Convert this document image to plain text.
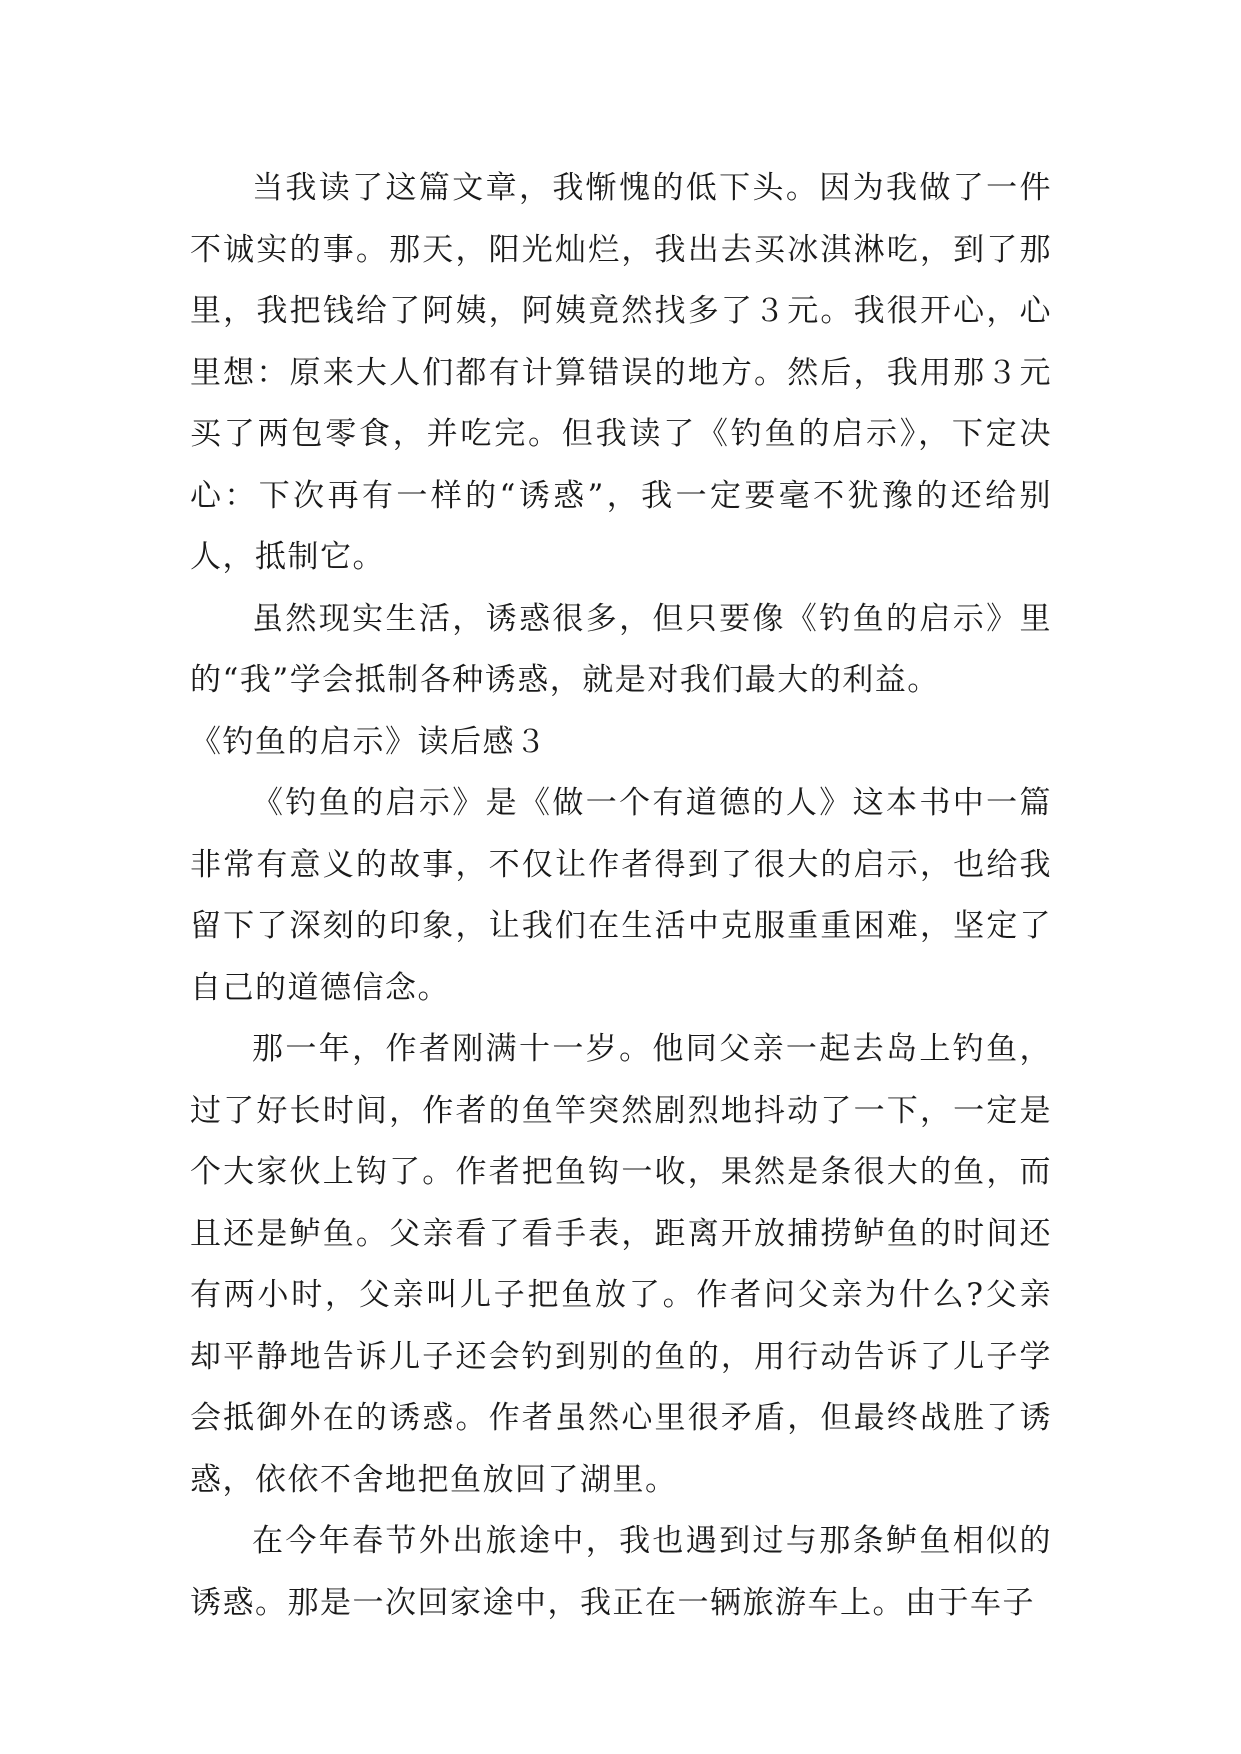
当我读了这篇文章，我惭愧的低下头。因为我做了一件不诚实的事。那天，阳光灿烂，我出去买冰淇淋吃，到了那里，我把钱给了阿姨，阿姨竟然找多了３元。我很开心，心里想：原来大人们都有计算错误的地方。然后，我用那３元买了两包零食，并吃完。但我读了《钓鱼的启示》，下定决心：下次再有一样的“诱惑”，我一定要毫不犹豫的还给别人，抵制它。

虽然现实生活，诱惑很多，但只要像《钓鱼的启示》里的“我”学会抵制各种诱惑，就是对我们最大的利益。

《钓鱼的启示》读后感３

《钓鱼的启示》是《做一个有道德的人》这本书中一篇非常有意义的故事，不仅让作者得到了很大的启示，也给我留下了深刻的印象，让我们在生活中克服重重困难，坚定了自己的道德信念。

那一年，作者刚满十一岁。他同父亲一起去岛上钓鱼，过了好长时间，作者的鱼竿突然剧烈地抖动了一下，一定是个大家伙上钩了。作者把鱼钩一收，果然是条很大的鱼，而且还是鲈鱼。父亲看了看手表，距离开放捕捞鲈鱼的时间还有两小时，父亲叫儿子把鱼放了。作者问父亲为什么?父亲却平静地告诉儿子还会钓到别的鱼的，用行动告诉了儿子学会抵御外在的诱惑。作者虽然心里很矛盾，但最终战胜了诱惑，依依不舍地把鱼放回了湖里。

在今年春节外出旅途中，我也遇到过与那条鲈鱼相似的诱惑。那是一次回家途中，我正在一辆旅游车上。由于车子
